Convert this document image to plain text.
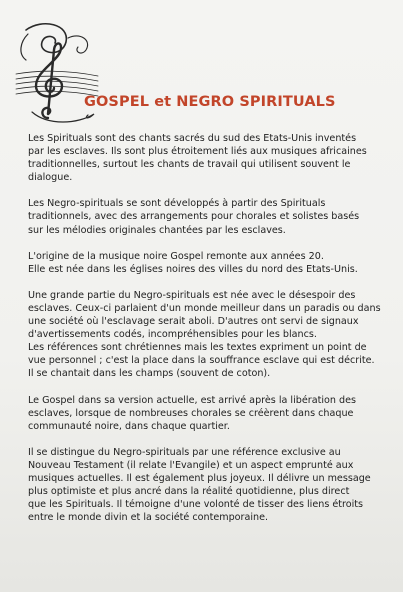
GOSPEL et NEGRO SPIRITUALS

Les Spirituals sont des chants sacrés du sud des Etats-Unis inventés
par les esclaves. Ils sont plus étroitement liés aux musiques africaines
traditionnelles, surtout les chants de travail qui utilisent souvent le
dialogue.

Les Negro-spirituals se sont développés à partir des Spirituals
traditionnels, avec des arrangements pour chorales et solistes basés
sur les mélodies originales chantées par les esclaves.

L'origine de la musique noire Gospel remonte aux années 20.
Elle est née dans les églises noires des villes du nord des Etats-Unis.

Une grande partie du Negro-spirituals est née avec le désespoir des
esclaves. Ceux-ci parlaient d'un monde meilleur dans un paradis ou dans
une société où l'esclavage serait aboli. D'autres ont servi de signaux
d'avertissements codés, incompréhensibles pour les blancs.
Les références sont chrétiennes mais les textes expriment un point de
vue personnel ; c'est la place dans la souffrance esclave qui est décrite.
Il se chantait dans les champs (souvent de coton).

Le Gospel dans sa version actuelle, est arrivé après la libération des
esclaves, lorsque de nombreuses chorales se créèrent dans chaque
communauté noire, dans chaque quartier.

Il se distingue du Negro-spirituals par une référence exclusive au
Nouveau Testament (il relate l'Evangile) et un aspect emprunté aux
musiques actuelles. Il est également plus joyeux. Il délivre un message
plus optimiste et plus ancré dans la réalité quotidienne, plus direct
que les Spirituals. Il témoigne d'une volonté de tisser des liens étroits
entre le monde divin et la société contemporaine.
